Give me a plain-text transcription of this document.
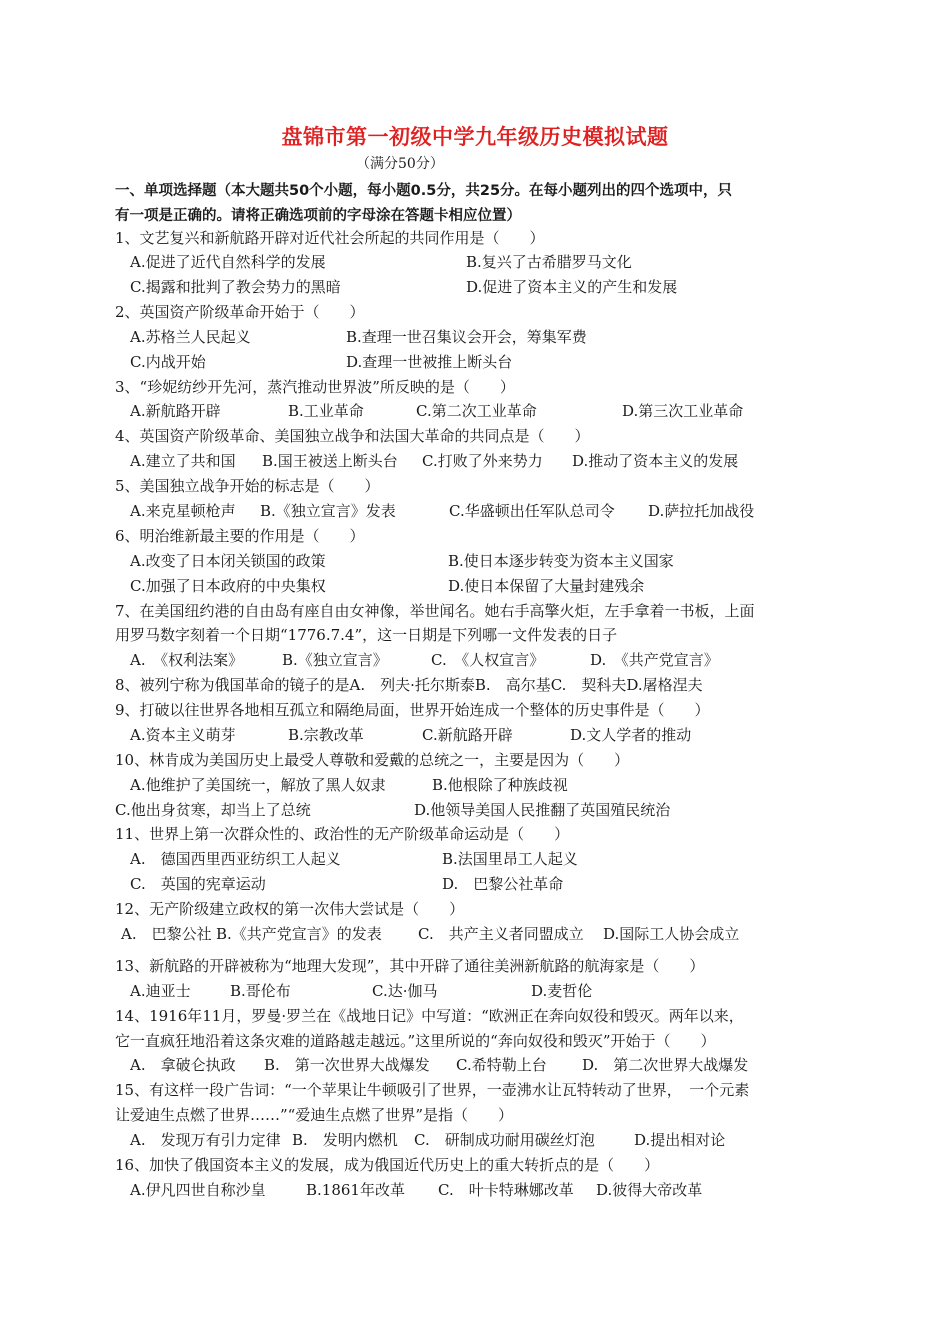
盘锦市第一初级中学九年级历史模拟试题
（满分50分）
一、单项选择题（本大题共50个小题，每小题0.5分，共25分。在每小题列出的四个选项中，只
有一项是正确的。请将正确选项前的字母涂在答题卡相应位置）
1、文艺复兴和新航路开辟对近代社会所起的共同作用是（　　）
A.促进了近代自然科学的发展	B.复兴了古希腊罗马文化
C.揭露和批判了教会势力的黑暗	D.促进了资本主义的产生和发展
2、英国资产阶级革命开始于（　　）
A.苏格兰人民起义	B.查理一世召集议会开会，筹集军费
C.内战开始	D.查理一世被推上断头台
3、“珍妮纺纱开先河，蒸汽推动世界波”所反映的是（　　）
A.新航路开辟	B.工业革命	C.第二次工业革命	D.第三次工业革命
4、英国资产阶级革命、美国独立战争和法国大革命的共同点是（　　）
A.建立了共和国 B.国王被送上断头台 C.打败了外来势力 D.推动了资本主义的发展
5、美国独立战争开始的标志是（　　）
A.来克星顿枪声 B.《独立宣言》发表	C.华盛顿出任军队总司令 D.萨拉托加战役
6、明治维新最主要的作用是（　　）
A.改变了日本闭关锁国的政策	B.使日本逐步转变为资本主义国家
C.加强了日本政府的中央集权	D.使日本保留了大量封建残余
7、在美国纽约港的自由岛有座自由女神像，举世闻名。她右手高擎火炬，左手拿着一书板，上面
用罗马数字刻着一个日期“1776.7.4”，这一日期是下列哪一文件发表的日子
A.　《权利法案》	B.《独立宣言》	C.　《人权宣言》	D.　《共产党宣言》
8、被列宁称为俄国革命的镜子的是A.　列夫·托尔斯泰B.　高尔基C.　契科夫D.屠格涅夫
9、打破以往世界各地相互孤立和隔绝局面，世界开始连成一个整体的历史事件是（　　）
A.资本主义萌芽	B.宗教改革	C.新航路开辟	D.文人学者的推动
10、林肯成为美国历史上最受人尊敬和爱戴的总统之一，主要是因为（　　）
A.他维护了美国统一，解放了黑人奴隶	B.他根除了种族歧视
C.他出身贫寒，却当上了总统	D.他领导美国人民推翻了英国殖民统治
11、世界上第一次群众性的、政治性的无产阶级革命运动是（　　）
A.　德国西里西亚纺织工人起义	B.法国里昂工人起义
C.　英国的宪章运动	D.　巴黎公社革命
12、无产阶级建立政权的第一次伟大尝试是（　　）
A.　巴黎公社 B.《共产党宣言》的发表 C.　共产主义者同盟成立 D.国际工人协会成立
13、新航路的开辟被称为“地理大发现”，其中开辟了通往美洲新航路的航海家是（　　）
A.迪亚士	B.哥伦布	C.达·伽马	D.麦哲伦
14、1916年11月，罗曼·罗兰在《战地日记》中写道：“欧洲正在奔向奴役和毁灭。两年以来，
它一直疯狂地沿着这条灾难的道路越走越远。”这里所说的“奔向奴役和毁灭”开始于（　　）
A.　拿破仑执政 B.　第一次世界大战爆发 C.希特勒上台 D.　第二次世界大战爆发
15、有这样一段广告词：“一个苹果让牛顿吸引了世界，一壶沸水让瓦特转动了世界，　一个元素
让爱迪生点燃了世界……”“爱迪生点燃了世界”是指（　　）
A.　发现万有引力定律 B.　发明内燃机 C.　研制成功耐用碳丝灯泡	D.提出相对论
16、加快了俄国资本主义的发展，成为俄国近代历史上的重大转折点的是（　　）
A.伊凡四世自称沙皇	B.1861年改革 C.　叶卡特琳娜改革 D.彼得大帝改革
